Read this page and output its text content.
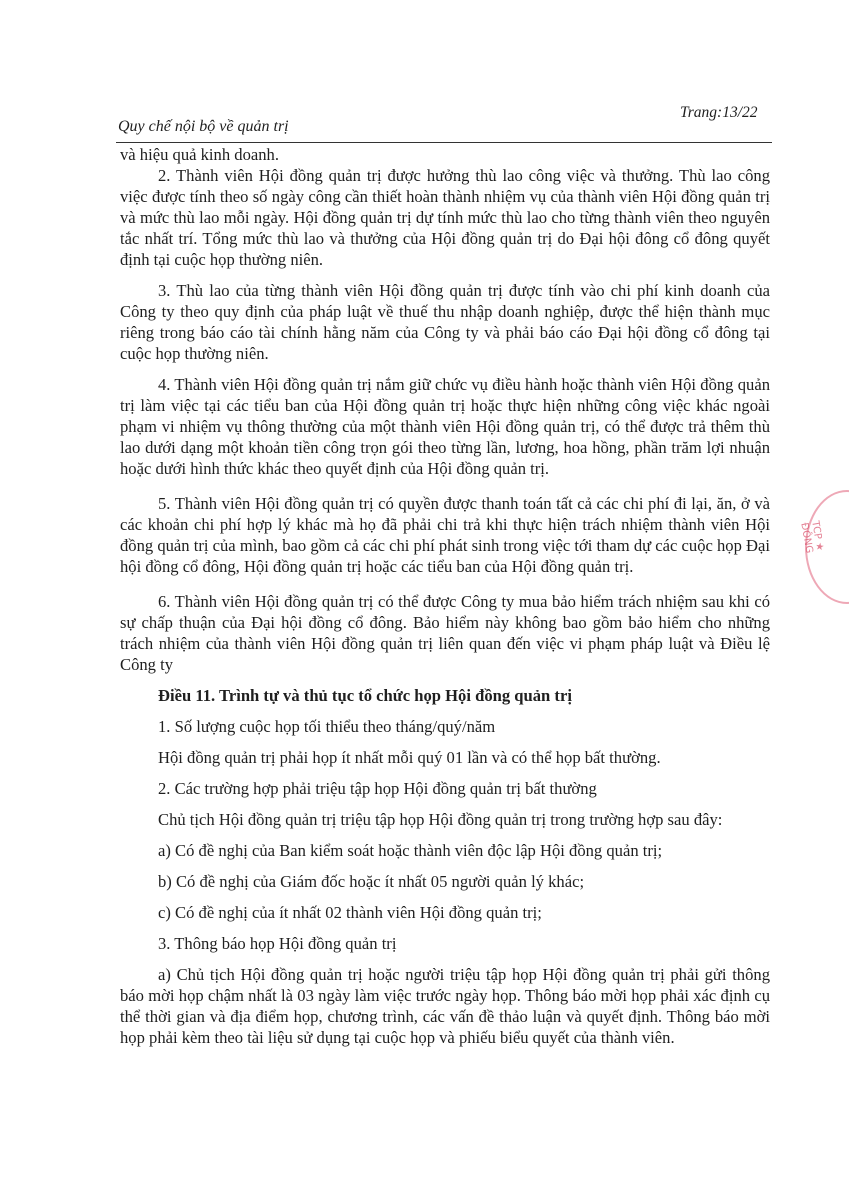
Quy chế nội bộ về quản trị
Trang:13/22

và hiệu quả kinh doanh.

2. Thành viên Hội đồng quản trị được hưởng thù lao công việc và thưởng. Thù lao công việc được tính theo số ngày công cần thiết hoàn thành nhiệm vụ của thành viên Hội đồng quản trị và mức thù lao mỗi ngày. Hội đồng quản trị dự tính mức thù lao cho từng thành viên theo nguyên tắc nhất trí. Tổng mức thù lao và thưởng của Hội đồng quản trị do Đại hội đông cổ đông quyết định tại cuộc họp thường niên.

3. Thù lao của từng thành viên Hội đồng quản trị được tính vào chi phí kinh doanh của Công ty theo quy định của pháp luật về thuế thu nhập doanh nghiệp, được thể hiện thành mục riêng trong báo cáo tài chính hằng năm của Công ty và phải báo cáo Đại hội đồng cổ đông tại cuộc họp thường niên.

4. Thành viên Hội đồng quản trị nắm giữ chức vụ điều hành hoặc thành viên Hội đồng quản trị làm việc tại các tiểu ban của Hội đồng quản trị hoặc thực hiện những công việc khác ngoài phạm vi nhiệm vụ thông thường của một thành viên Hội đồng quản trị, có thể được trả thêm thù lao dưới dạng một khoản tiền công trọn gói theo từng lần, lương, hoa hồng, phần trăm lợi nhuận hoặc dưới hình thức khác theo quyết định của Hội đồng quản trị.

5. Thành viên Hội đồng quản trị có quyền được thanh toán tất cả các chi phí đi lại, ăn, ở và các khoản chi phí hợp lý khác mà họ đã phải chi trả khi thực hiện trách nhiệm thành viên Hội đồng quản trị của mình, bao gồm cả các chi phí phát sinh trong việc tới tham dự các cuộc họp Đại hội đồng cổ đông, Hội đồng quản trị hoặc các tiểu ban của Hội đồng quản trị.

6. Thành viên Hội đồng quản trị có thể được Công ty mua bảo hiểm trách nhiệm sau khi có sự chấp thuận của Đại hội đồng cổ đông. Bảo hiểm này không bao gồm bảo hiểm cho những trách nhiệm của thành viên Hội đồng quản trị liên quan đến việc vi phạm pháp luật và Điều lệ Công ty

Điều 11. Trình tự và thủ tục tổ chức họp Hội đồng quản trị

1. Số lượng cuộc họp tối thiểu theo tháng/quý/năm

Hội đồng quản trị phải họp ít nhất mỗi quý 01 lần và có thể họp bất thường.

2. Các trường hợp phải triệu tập họp Hội đồng quản trị bất thường

Chủ tịch Hội đồng quản trị triệu tập họp Hội đồng quản trị trong trường hợp sau đây:

a) Có đề nghị của Ban kiểm soát hoặc thành viên độc lập Hội đồng quản trị;

b) Có đề nghị của Giám đốc hoặc ít nhất 05 người quản lý khác;

c) Có đề nghị của ít nhất 02 thành viên Hội đồng quản trị;

3. Thông báo họp Hội đồng quản trị

a) Chủ tịch Hội đồng quản trị hoặc người triệu tập họp Hội đồng quản trị phải gửi thông báo mời họp chậm nhất là 03 ngày làm việc trước ngày họp. Thông báo mời họp phải xác định cụ thể thời gian và địa điểm họp, chương trình, các vấn đề thảo luận và quyết định. Thông báo mời họp phải kèm theo tài liệu sử dụng tại cuộc họp và phiếu biểu quyết của thành viên.

TCP ★ ĐÔNG
